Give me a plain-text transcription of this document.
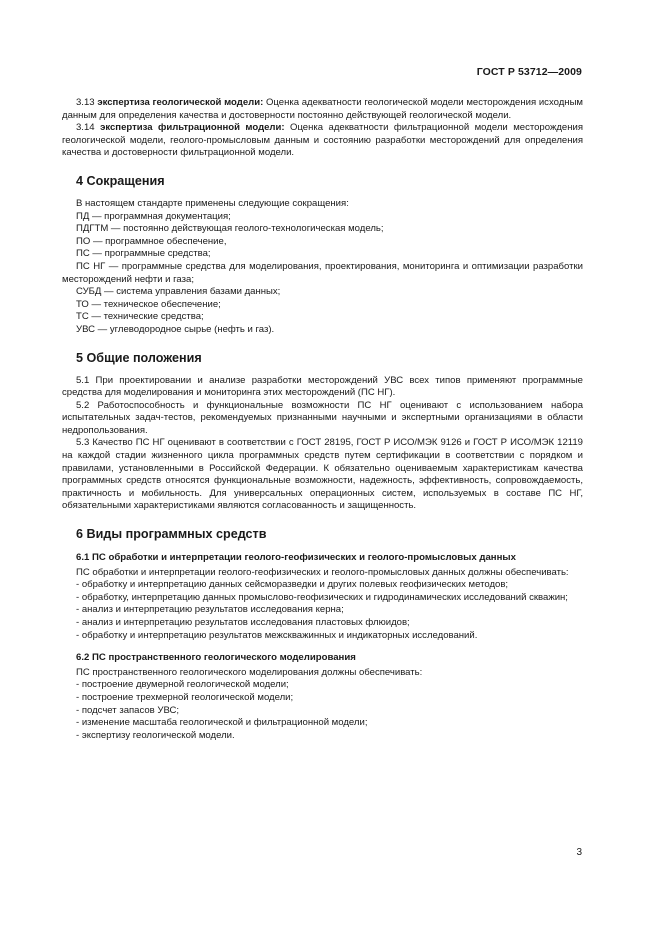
ГОСТ Р 53712—2009

3.13 экспертиза геологической модели: Оценка адекватности геологической модели месторождения исходным данным для определения качества и достоверности постоянно действующей геологической модели.

3.14 экспертиза фильтрационной модели: Оценка адекватности фильтрационной модели месторождения геологической модели, геолого-промысловым данным и состоянию разработки месторождений для определения качества и достоверности фильтрационной модели.

4 Сокращения

В настоящем стандарте применены следующие сокращения:

ПД — программная документация;

ПДГТМ — постоянно действующая геолого-технологическая модель;

ПО — программное обеспечение,

ПС — программные средства;

ПС НГ — программные средства для моделирования, проектирования, мониторинга и оптимизации разработки месторождений нефти и газа;

СУБД — система управления базами данных;

ТО — техническое обеспечение;

ТС — технические средства;

УВС — углеводородное сырье (нефть и газ).

5 Общие положения

5.1 При проектировании и анализе разработки месторождений УВС всех типов применяют программные средства для моделирования и мониторинга этих месторождений (ПС НГ).

5.2 Работоспособность и функциональные возможности ПС НГ оценивают с использованием набора испытательных задач-тестов, рекомендуемых признанными научными и экспертными организациями в области недропользования.

5.3 Качество ПС НГ оценивают в соответствии с ГОСТ 28195, ГОСТ Р ИСО/МЭК 9126 и ГОСТ Р ИСО/МЭК 12119 на каждой стадии жизненного цикла программных средств путем сертификации в соответствии с порядком и правилами, установленными в Российской Федерации. К обязательно оцениваемым характеристикам качества программных средств относятся функциональные возможности, надежность, эффективность, сопровождаемость, практичность и мобильность. Для универсальных операционных систем, используемых в составе ПС НГ, обязательными характеристиками являются согласованность и защищенность.

6 Виды программных средств
6.1 ПС обработки и интерпретации геолого-геофизических и геолого-промысловых данных

ПС обработки и интерпретации геолого-геофизических и геолого-промысловых данных должны обеспечивать:

- обработку и интерпретацию данных сейсморазведки и других полевых геофизических методов;

- обработку, интерпретацию данных промыслово-геофизических и гидродинамических исследований скважин;

- анализ и интерпретацию результатов исследования керна;

- анализ и интерпретацию результатов исследования пластовых флюидов;

- обработку и интерпретацию результатов межскважинных и индикаторных исследований.

6.2 ПС пространственного геологического моделирования

ПС пространственного геологического моделирования должны обеспечивать:

- построение двумерной геологической модели;

- построение трехмерной геологической модели;

- подсчет запасов УВС;

- изменение масштаба геологической и фильтрационной модели;

- экспертизу геологической модели.

3
